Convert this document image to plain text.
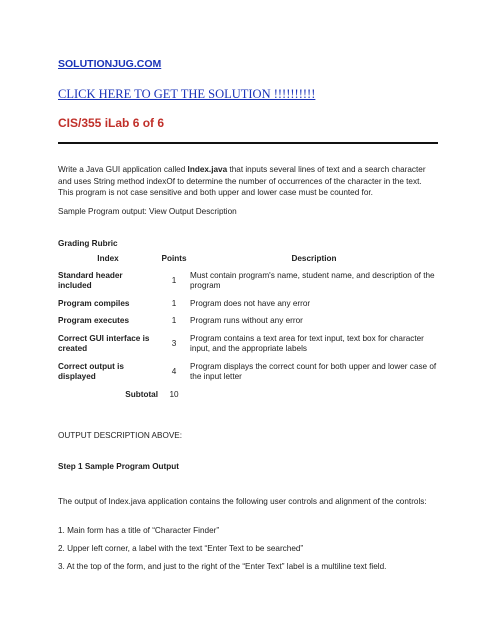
SOLUTIONJUG.COM
CLICK HERE TO GET THE SOLUTION !!!!!!!!!!
CIS/355 iLab 6 of 6
Write a Java GUI application called Index.java that inputs several lines of text and a search character and uses String method indexOf to determine the number of occurrences of the character in the text. This program is not case sensitive and both upper and lower case must be counted for.
Sample Program output: View Output Description
Grading Rubric
Index	Points	Description
Standard header included	1	Must contain program's name, student name, and description of the program
Program compiles	1	Program does not have any error
Program executes	1	Program runs without any error
Correct GUI interface is created	3	Program contains a text area for text input, text box for character input, and the appropriate labels
Correct output is displayed	4	Program displays the correct count for both upper and lower case of the input letter
Subtotal	10	
OUTPUT DESCRIPTION ABOVE:
Step 1 Sample Program Output
The output of Index.java application contains the following user controls and alignment of the controls:
1. Main form has a title of “Character Finder”
2. Upper left corner, a label with the text “Enter Text to be searched”
3. At the top of the form, and just to the right of the “Enter Text” label is a multiline text field.
